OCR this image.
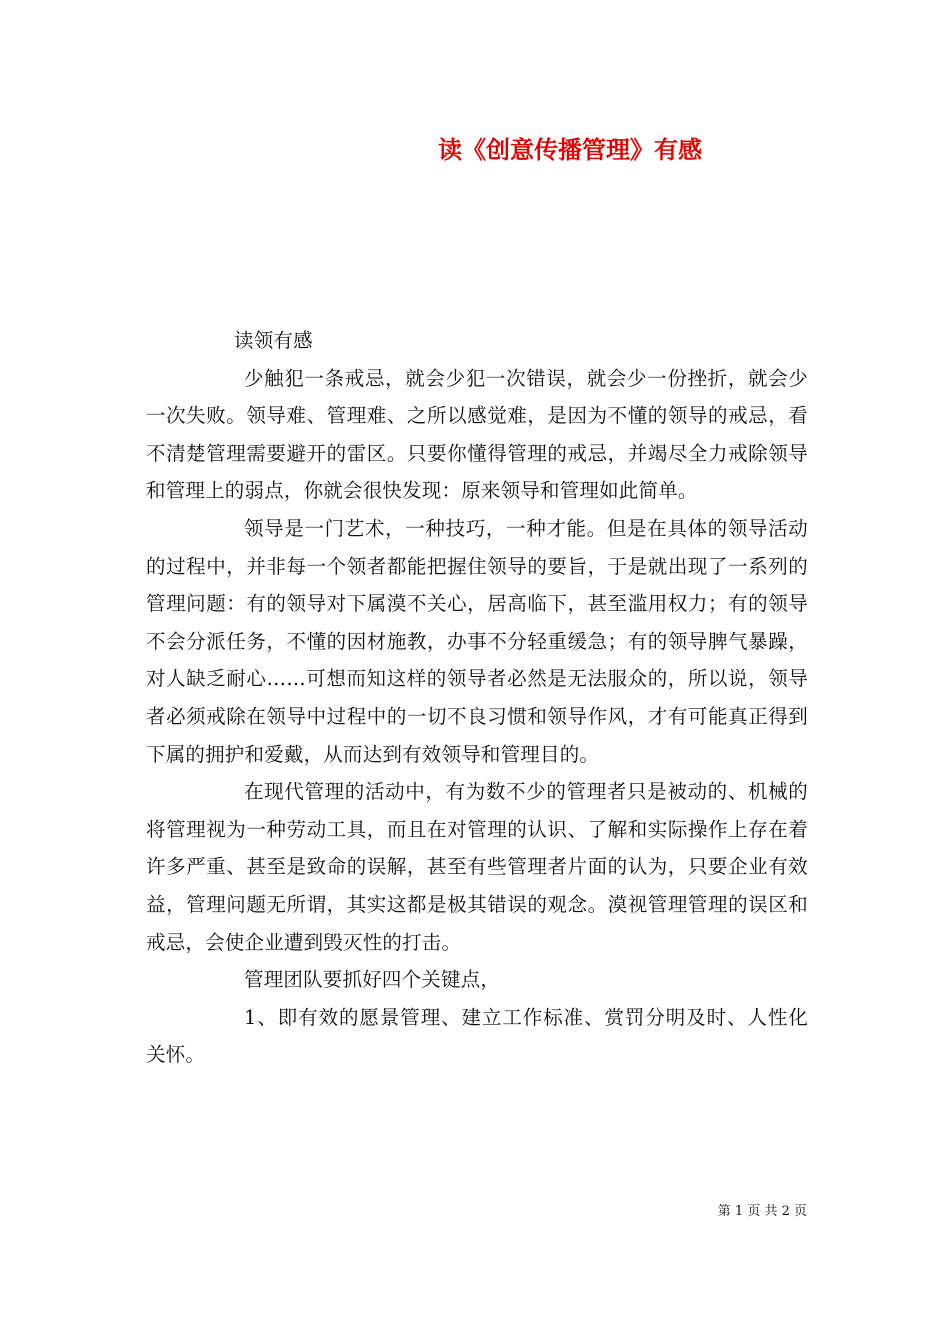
读《创意传播管理》有感

读领有感

少触犯一条戒忌，就会少犯一次错误，就会少一份挫折，就会少一次失败。领导难、管理难、之所以感觉难，是因为不懂的领导的戒忌，看不清楚管理需要避开的雷区。只要你懂得管理的戒忌，并竭尽全力戒除领导和管理上的弱点，你就会很快发现：原来领导和管理如此简单。

领导是一门艺术，一种技巧，一种才能。但是在具体的领导活动的过程中，并非每一个领者都能把握住领导的要旨，于是就出现了一系列的管理问题：有的领导对下属漠不关心，居高临下，甚至滥用权力；有的领导不会分派任务，不懂的因材施教，办事不分轻重缓急；有的领导脾气暴躁，对人缺乏耐心……可想而知这样的领导者必然是无法服众的，所以说，领导者必须戒除在领导中过程中的一切不良习惯和领导作风，才有可能真正得到下属的拥护和爱戴，从而达到有效领导和管理目的。

在现代管理的活动中，有为数不少的管理者只是被动的、机械的将管理视为一种劳动工具，而且在对管理的认识、了解和实际操作上存在着许多严重、甚至是致命的误解，甚至有些管理者片面的认为，只要企业有效益，管理问题无所谓，其实这都是极其错误的观念。漠视管理管理的误区和戒忌，会使企业遭到毁灭性的打击。

管理团队要抓好四个关键点，

1、即有效的愿景管理、建立工作标准、赏罚分明及时、人性化关怀。

第 1 页 共 2 页
